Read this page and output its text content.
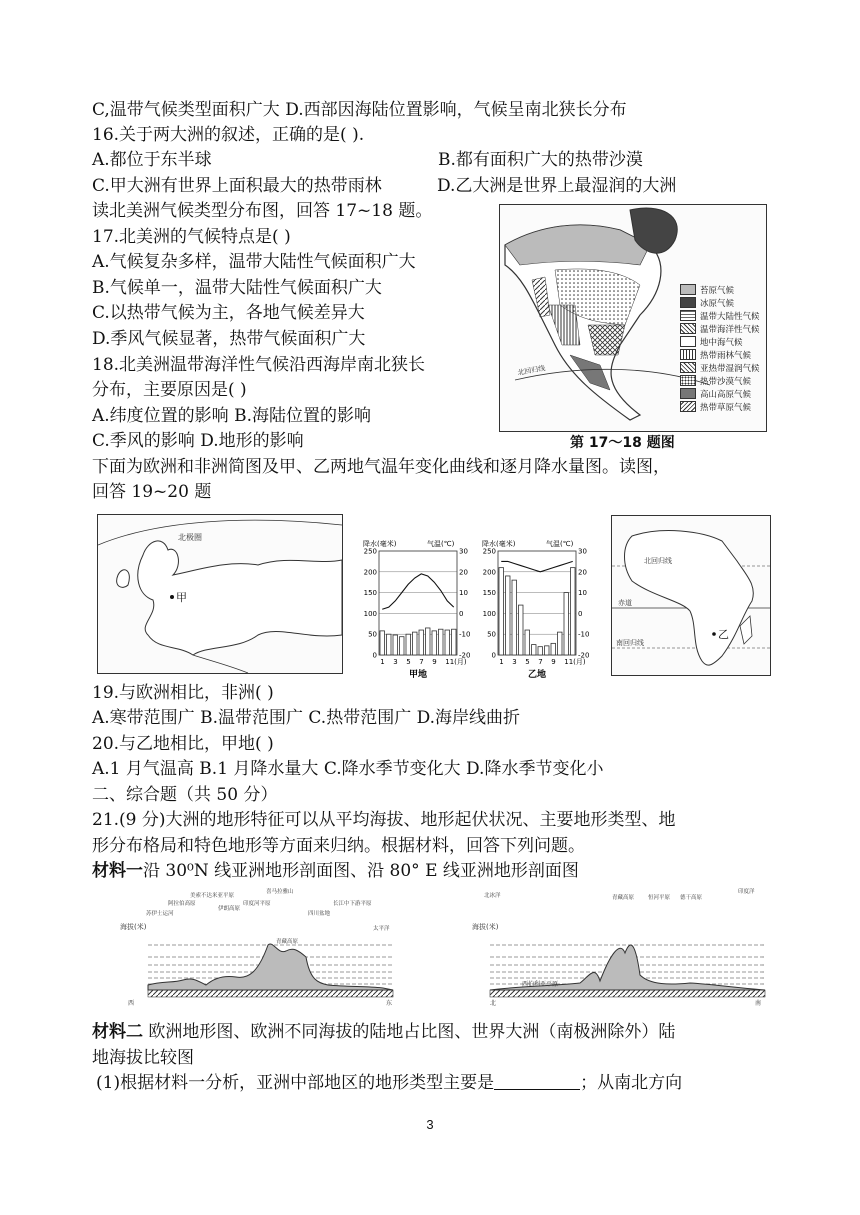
C,温带气候类型面积广大 D.西部因海陆位置影响，气候呈南北狭长分布
16.关于两大洲的叙述，正确的是( ).
A.都位于东半球	B.都有面积广大的热带沙漠
C.甲大洲有世界上面积最大的热带雨林	D.乙大洲是世界上最湿润的大洲
读北美洲气候类型分布图，回答 17~18 题。
17.北美洲的气候特点是( )
A.气候复杂多样，温带大陆性气候面积广大
B.气候单一，温带大陆性气候面积广大
C.以热带气候为主，各地气候差异大
D.季风气候显著，热带气候面积广大
18.北美洲温带海洋性气候沿西海岸南北狭长
分布，主要原因是( )
A.纬度位置的影响 B.海陆位置的影响
C.季风的影响 D.地形的影响
下面为欧洲和非洲简图及甲、乙两地气温年变化曲线和逐月降水量图。读图，
回答 19~20 题
北回归线
苔原气候
冰原气候
温带大陆性气候
温带海洋性气候
地中海气候
热带雨林气候
亚热带湿润气候
热带沙漠气候
高山高原气候
热带草原气候
第 17～18 题图
北极圈
甲
降水(毫米)	气温(℃)
0
50
100
150
200
250	30
20
10
0
-10
-20
1 3 5 7 9 11(月)
甲地
降水(毫米)	气温(℃)
0
50
100
150
200
250	30
20
10
0
-10
-20
1 3 5 7 9 11(月)
乙地
北回归线
赤道
南回归线
乙
19.与欧洲相比，非洲( )
A.寒带范围广 B.温带范围广 C.热带范围广 D.海岸线曲折
20.与乙地相比，甲地( )
A.1 月气温高 B.1 月降水量大 C.降水季节变化大 D.降水季节变化小
二、综合题（共 50 分）
21.(9 分)大洲的地形特征可以从平均海拔、地形起伏状况、主要地形类型、地
形分布格局和特色地形等方面来归纳。根据材料，回答下列问题。
材料一沿 30⁰N 线亚洲地形剖面图、沿 80° E 线亚洲地形剖面图
海拔(米)
西	东
苏伊士运河
阿拉伯高原
美索不达米亚平原
伊朗高原
印度河平原
喜马拉雅山
青藏高原
四川盆地
长江中下游平原
太平洋	海拔(米)
西伯利亚平原
北	南
北冰洋	青藏高原	恒河平原 德干高原
印度洋
材料二 欧洲地形图、欧洲不同海拔的陆地占比图、世界大洲（南极洲除外）陆
地海拔比较图
(1)根据材料一分析，亚洲中部地区的地形类型主要是	；从南北方向
3
